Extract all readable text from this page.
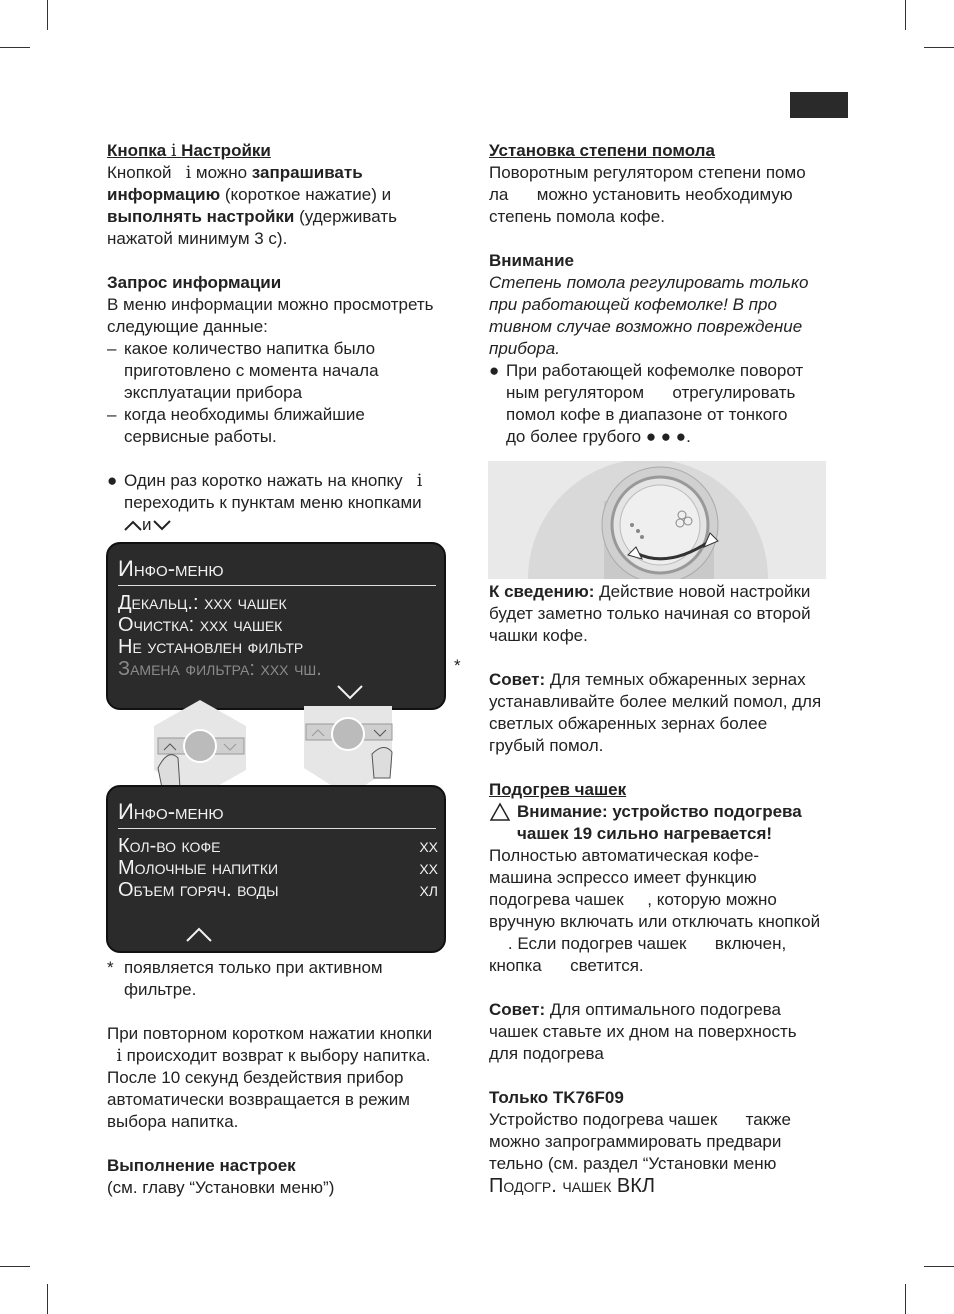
Кнопка i Настройки

Кнопкой i можно запрашивать

информацию (короткое нажатие) и

выполнять настройки (удерживать

нажатой минимум 3 с).

Запрос информации

В меню информации можно просмотреть

следующие данные:

– какое количество напитка было

приготовлено с момента начала

эксплуатации прибора

– когда необходимы ближайшие

сервисные работы.

● Один раз коротко нажать на кнопку i

переходить к пунктам меню кнопками

и

Инфо-меню
Декальц.: ххх чашек
Очистка: ххх чашек
Не установлен фильтр
Замена фильтра: ххх чш.	*
Инфо-меню
Кол-во кофе	хх
Молочные напитки	хх
Объем горяч. воды	хл
* появляется только при активном

фильтре.

При повторном коротком нажатии кнопки

i происходит возврат к выбору напитка.

После 10 секунд бездействия прибор

автоматически возвращается в режим

выбора напитка.

Выполнение настроек

(см. главу “Установки меню”)

Установка степени помола

Поворотным регулятором степени помо

ла      можно установить необходимую

степень помола кофе.

Внимание

Степень помола регулировать только

при работающей кофемолке! В про

тивном случае возможно повреждение

прибора.

● При работающей кофемолке поворот

ным регулятором      отрегулировать

помол кофе в диапазоне от тонкого

до более грубого ● ● ●.

К сведению: Действие новой настройки

будет заметно только начиная со второй

чашки кофе.

Совет: Для темных обжаренных зернах

устанавливайте более мелкий помол, для

светлых обжаренных зернах более

грубый помол.

Подогрев чашек

Внимание: устройство подогрева

чашек 19 сильно нагревается!

Полностью автоматическая кофе-

машина эспрессо имеет функцию

подогрева чашек     , которую можно

вручную включать или отключать кнопкой

. Если подогрев чашек      включен,

кнопка      светится.

Совет: Для оптимального подогрева

чашек ставьте их дном на поверхность

для подогрева

Только TK76F09

Устройство подогрева чашек      также

можно запрограммировать предвари

тельно (см. раздел “Установки меню

Подогр. чашек ВКЛ
